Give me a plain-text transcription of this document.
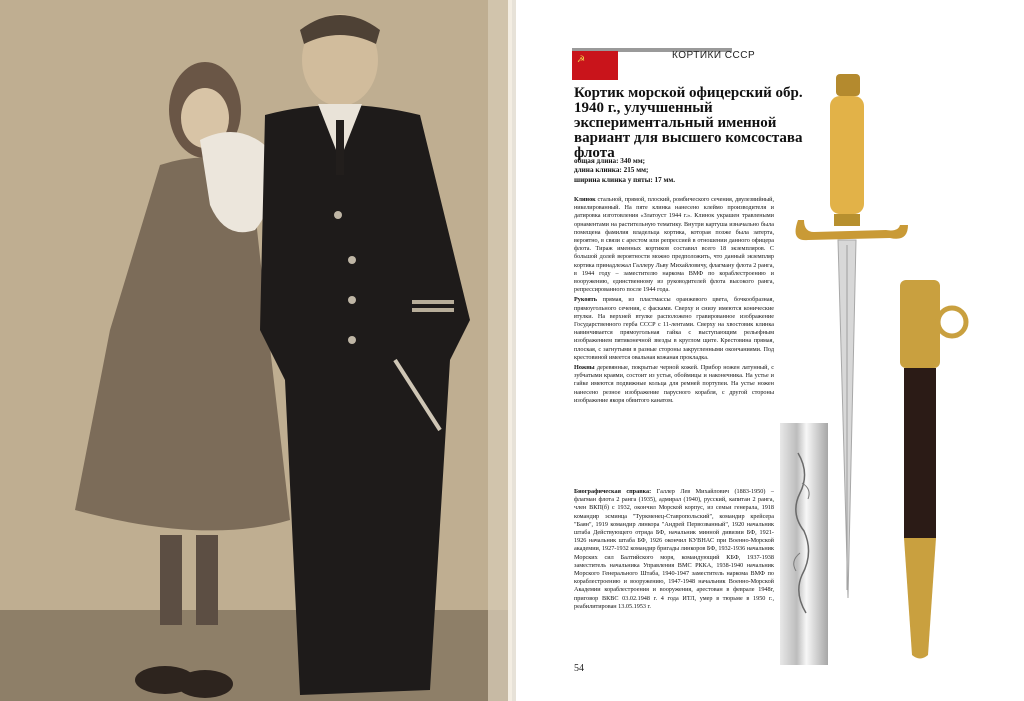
☭	КОРТИКИ СССР
Кортик морской офицерский обр. 1940 г., улучшенный экспериментальный именной вариант для высшего комсостава флота
общая длина: 340 мм;
длина клинка: 215 мм;
ширина клинка у пяты: 17 мм.

Клинок стальной, прямой, плоский, ромбического сечения, двулезвийный, никелированный. На пяте клинка нанесено клеймо производителя и датировка изготовления «Златоуст 1944 г.». Клинок украшен травлеными орнаментами на растительную тематику. Внутри картуша изначально была помещена фамилия владельца кортика, которая позже была затерта, вероятно, в связи с арестом или репрессией в отношении данного офицера флота. Тираж именных кортиков составил всего 18 экземпляров. С большой долей вероятности можно предположить, что данный экземпляр кортика принадлежал Галлеру Льву Михайловичу, флагману флота 2 ранга, в 1944 году – заместителю наркома ВМФ по кораблестроению и вооружению, единственному из руководителей флота высокого ранга, репрессированного после 1944 года.

Рукоять прямая, из пластмассы оранжевого цвета, бочкообразная, прямоугольного сечения, с фасками. Сверху и снизу имеются конические втулки. На верхней втулке расположено гравированное изображение Государственного герба СССР с 11-лентами. Сверху на хвостовик клинка навинчивается прямоугольная гайка с выступающим рельефным изображением пятиконечной звезды в круглом щите. Крестовина прямая, плоская, с загнутыми в разные стороны закругленными окончаниями. Под крестовиной имеется овальная кожаная прокладка.

Ножны деревянные, покрытые черной кожей. Прибор ножен латунный, с зубчатыми краями, состоит из устья, обоймицы и наконечника. На устье и гайке имеются подвижные кольца для ремней портупеи. На устье ножен нанесено резное изображение парусного корабля, с другой стороны изображение якоря обвитого канатом.

Биографическая справка: Галлер Лев Михайлович (1883-1950) – флагман флота 2 ранга (1935), адмирал (1940), русский, капитан 2 ранга, член ВКП(б) с 1932, окончил Морской корпус, из семьи генерала, 1918 командир эсминца "Туркменец-Ставропольский", командир крейсера "Баян", 1919 командир линкора "Андрей Первозванный", 1920 начальник штаба Действующего отряда БФ, начальник минной дивизии БФ, 1921-1926 начальник штаба БФ, 1926 окончил КУВНАС при Военно-Морской академии, 1927-1932 командир бригады линкоров БФ, 1932-1936 начальник Морских сил Балтийского моря, командующий КБФ, 1937-1938 заместитель начальника Управления ВМС РККА, 1938-1940 начальник Морского Генерального Штаба, 1940-1947 заместитель наркома ВМФ по кораблестроению и вооружению, 1947-1948 начальник Военно-Морской Академии кораблестроения и вооружения, арестован в феврале 1948г, приговор ВКВС 03.02.1948 г. 4 года ИТЛ, умер в тюрьме в 1950 г., реабилитирован 13.05.1953 г.
54
